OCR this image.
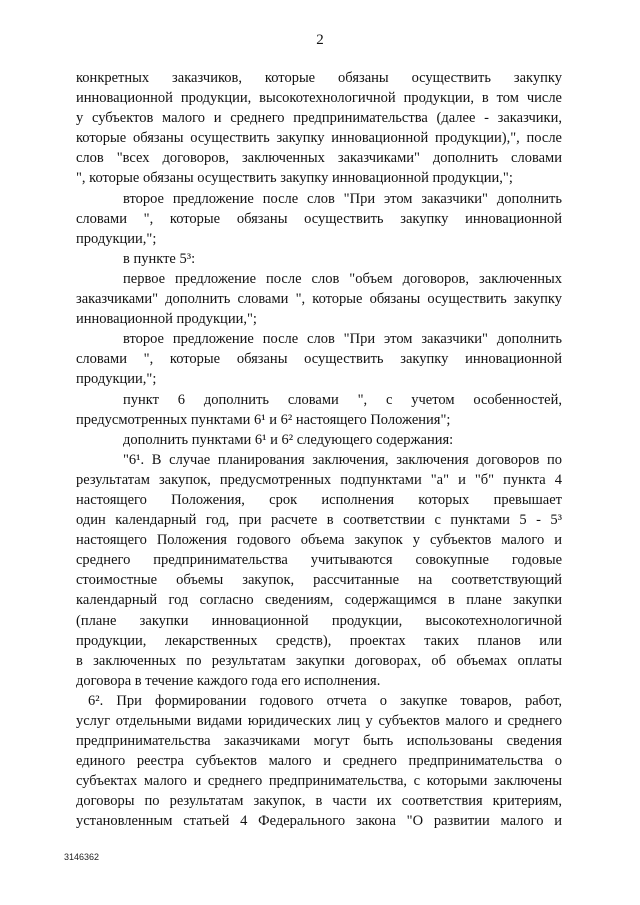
2
конкретных заказчиков, которые обязаны осуществить закупку
инновационной продукции, высокотехнологичной продукции, в том числе
у субъектов малого и среднего предпринимательства (далее - заказчики,
которые обязаны осуществить закупку инновационной продукции),", после
слов "всех договоров, заключенных заказчиками" дополнить словами
", которые обязаны осуществить закупку инновационной продукции,";
второе предложение после слов "При этом заказчики" дополнить
словами ", которые обязаны осуществить закупку инновационной
продукции,";
в пункте 5³:
первое предложение после слов "объем договоров, заключенных
заказчиками" дополнить словами ", которые обязаны осуществить закупку
инновационной продукции,";
второе предложение после слов "При этом заказчики" дополнить
словами ", которые обязаны осуществить закупку инновационной
продукции,";
пункт 6 дополнить словами ", с учетом особенностей,
предусмотренных пунктами 6¹ и 6² настоящего Положения";
дополнить пунктами 6¹ и 6² следующего содержания:
"6¹. В случае планирования заключения, заключения договоров по
результатам закупок, предусмотренных подпунктами "а" и "б" пункта 4
настоящего Положения, срок исполнения которых превышает
один календарный год, при расчете в соответствии с пунктами 5 - 5³
настоящего Положения годового объема закупок у субъектов малого и
среднего предпринимательства учитываются совокупные годовые
стоимостные объемы закупок, рассчитанные на соответствующий
календарный год согласно сведениям, содержащимся в плане закупки
(плане закупки инновационной продукции, высокотехнологичной
продукции, лекарственных средств), проектах таких планов или
в заключенных по результатам закупки договорах, об объемах оплаты
договора в течение каждого года его исполнения.
6². При формировании годового отчета о закупке товаров, работ,
услуг отдельными видами юридических лиц у субъектов малого и среднего
предпринимательства заказчиками могут быть использованы сведения
единого реестра субъектов малого и среднего предпринимательства о
субъектах малого и среднего предпринимательства, с которыми заключены
договоры по результатам закупок, в части их соответствия критериям,
установленным статьей 4 Федерального закона "О развитии малого и
3146362
